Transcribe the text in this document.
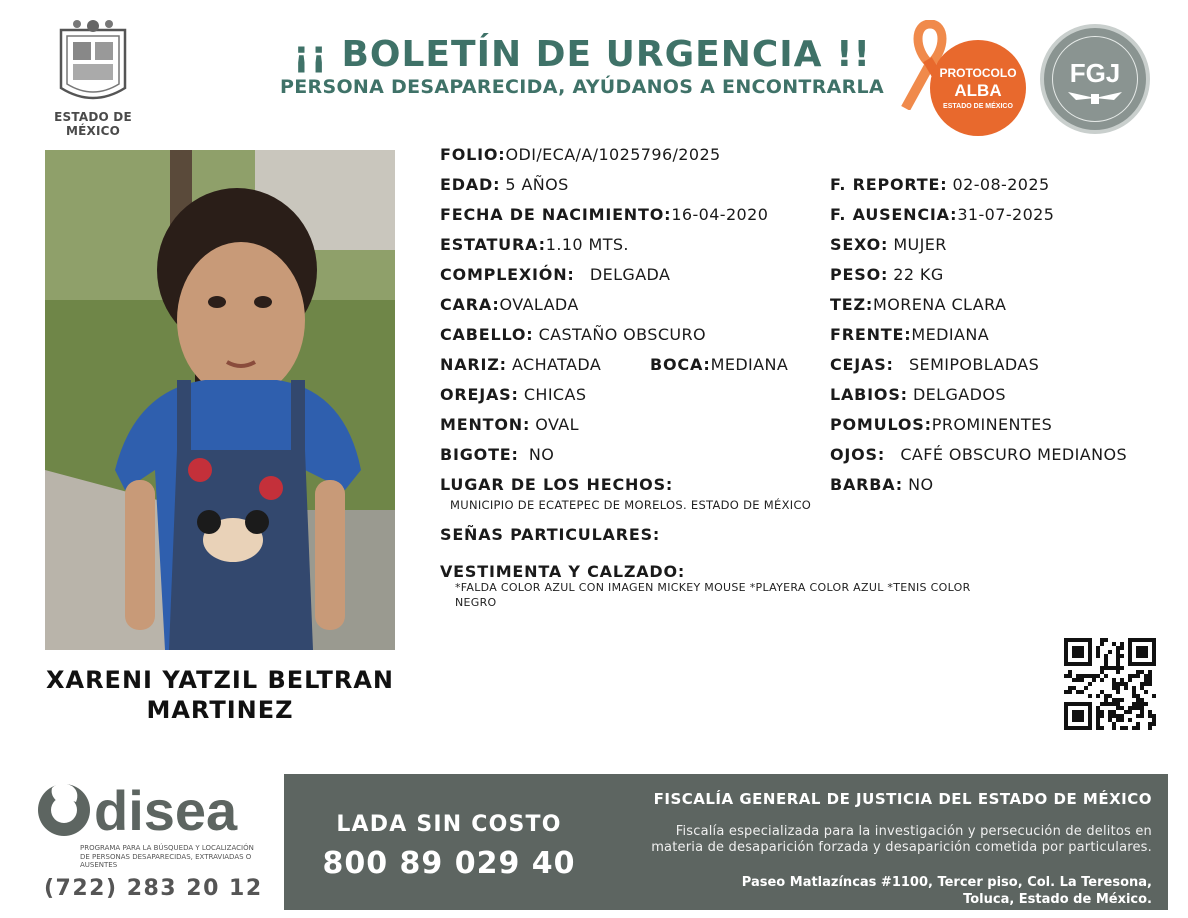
ESTADO DE MÉXICO
¡¡ BOLETÍN DE URGENCIA !!
PERSONA DESAPARECIDA, AYÚDANOS A ENCONTRARLA
PROTOCOLO
ALBA
ESTADO DE MÉXICO
FGJ
XARENI YATZIL BELTRAN MARTINEZ
FOLIO:ODI/ECA/A/1025796/2025
EDAD: 5 AÑOS	F. REPORTE: 02-08-2025
FECHA DE NACIMIENTO:16-04-2020	F. AUSENCIA:31-07-2025
ESTATURA:1.10 MTS.	SEXO: MUJER
COMPLEXIÓN: DELGADA	PESO: 22 KG
CARA:OVALADA	TEZ:MORENA CLARA
CABELLO: CASTAÑO OBSCURO	FRENTE:MEDIANA
NARIZ: ACHATADA	BOCA:MEDIANA	CEJAS: SEMIPOBLADAS
OREJAS: CHICAS	LABIOS: DELGADOS
MENTON: OVAL	POMULOS:PROMINENTES
BIGOTE: NO	OJOS: CAFÉ OBSCURO MEDIANOS
LUGAR DE LOS HECHOS:	BARBA: NO
MUNICIPIO DE ECATEPEC DE MORELOS. ESTADO DE MÉXICO
SEÑAS PARTICULARES:
VESTIMENTA Y CALZADO:
*FALDA COLOR AZUL CON IMAGEN MICKEY MOUSE *PLAYERA COLOR AZUL *TENIS COLOR
NEGRO
disea
PROGRAMA PARA LA BÚSQUEDA Y LOCALIZACIÓN
DE PERSONAS DESAPARECIDAS, EXTRAVIADAS O
AUSENTES
(722) 283 20 12
LADA SIN COSTO
800 89 029 40
FISCALÍA GENERAL DE JUSTICIA DEL ESTADO DE MÉXICO
Fiscalía especializada para la investigación y persecución de delitos en
materia de desaparición forzada y desaparición cometida por particulares.
Paseo Matlazíncas #1100, Tercer piso, Col. La Teresona,
Toluca, Estado de México.
